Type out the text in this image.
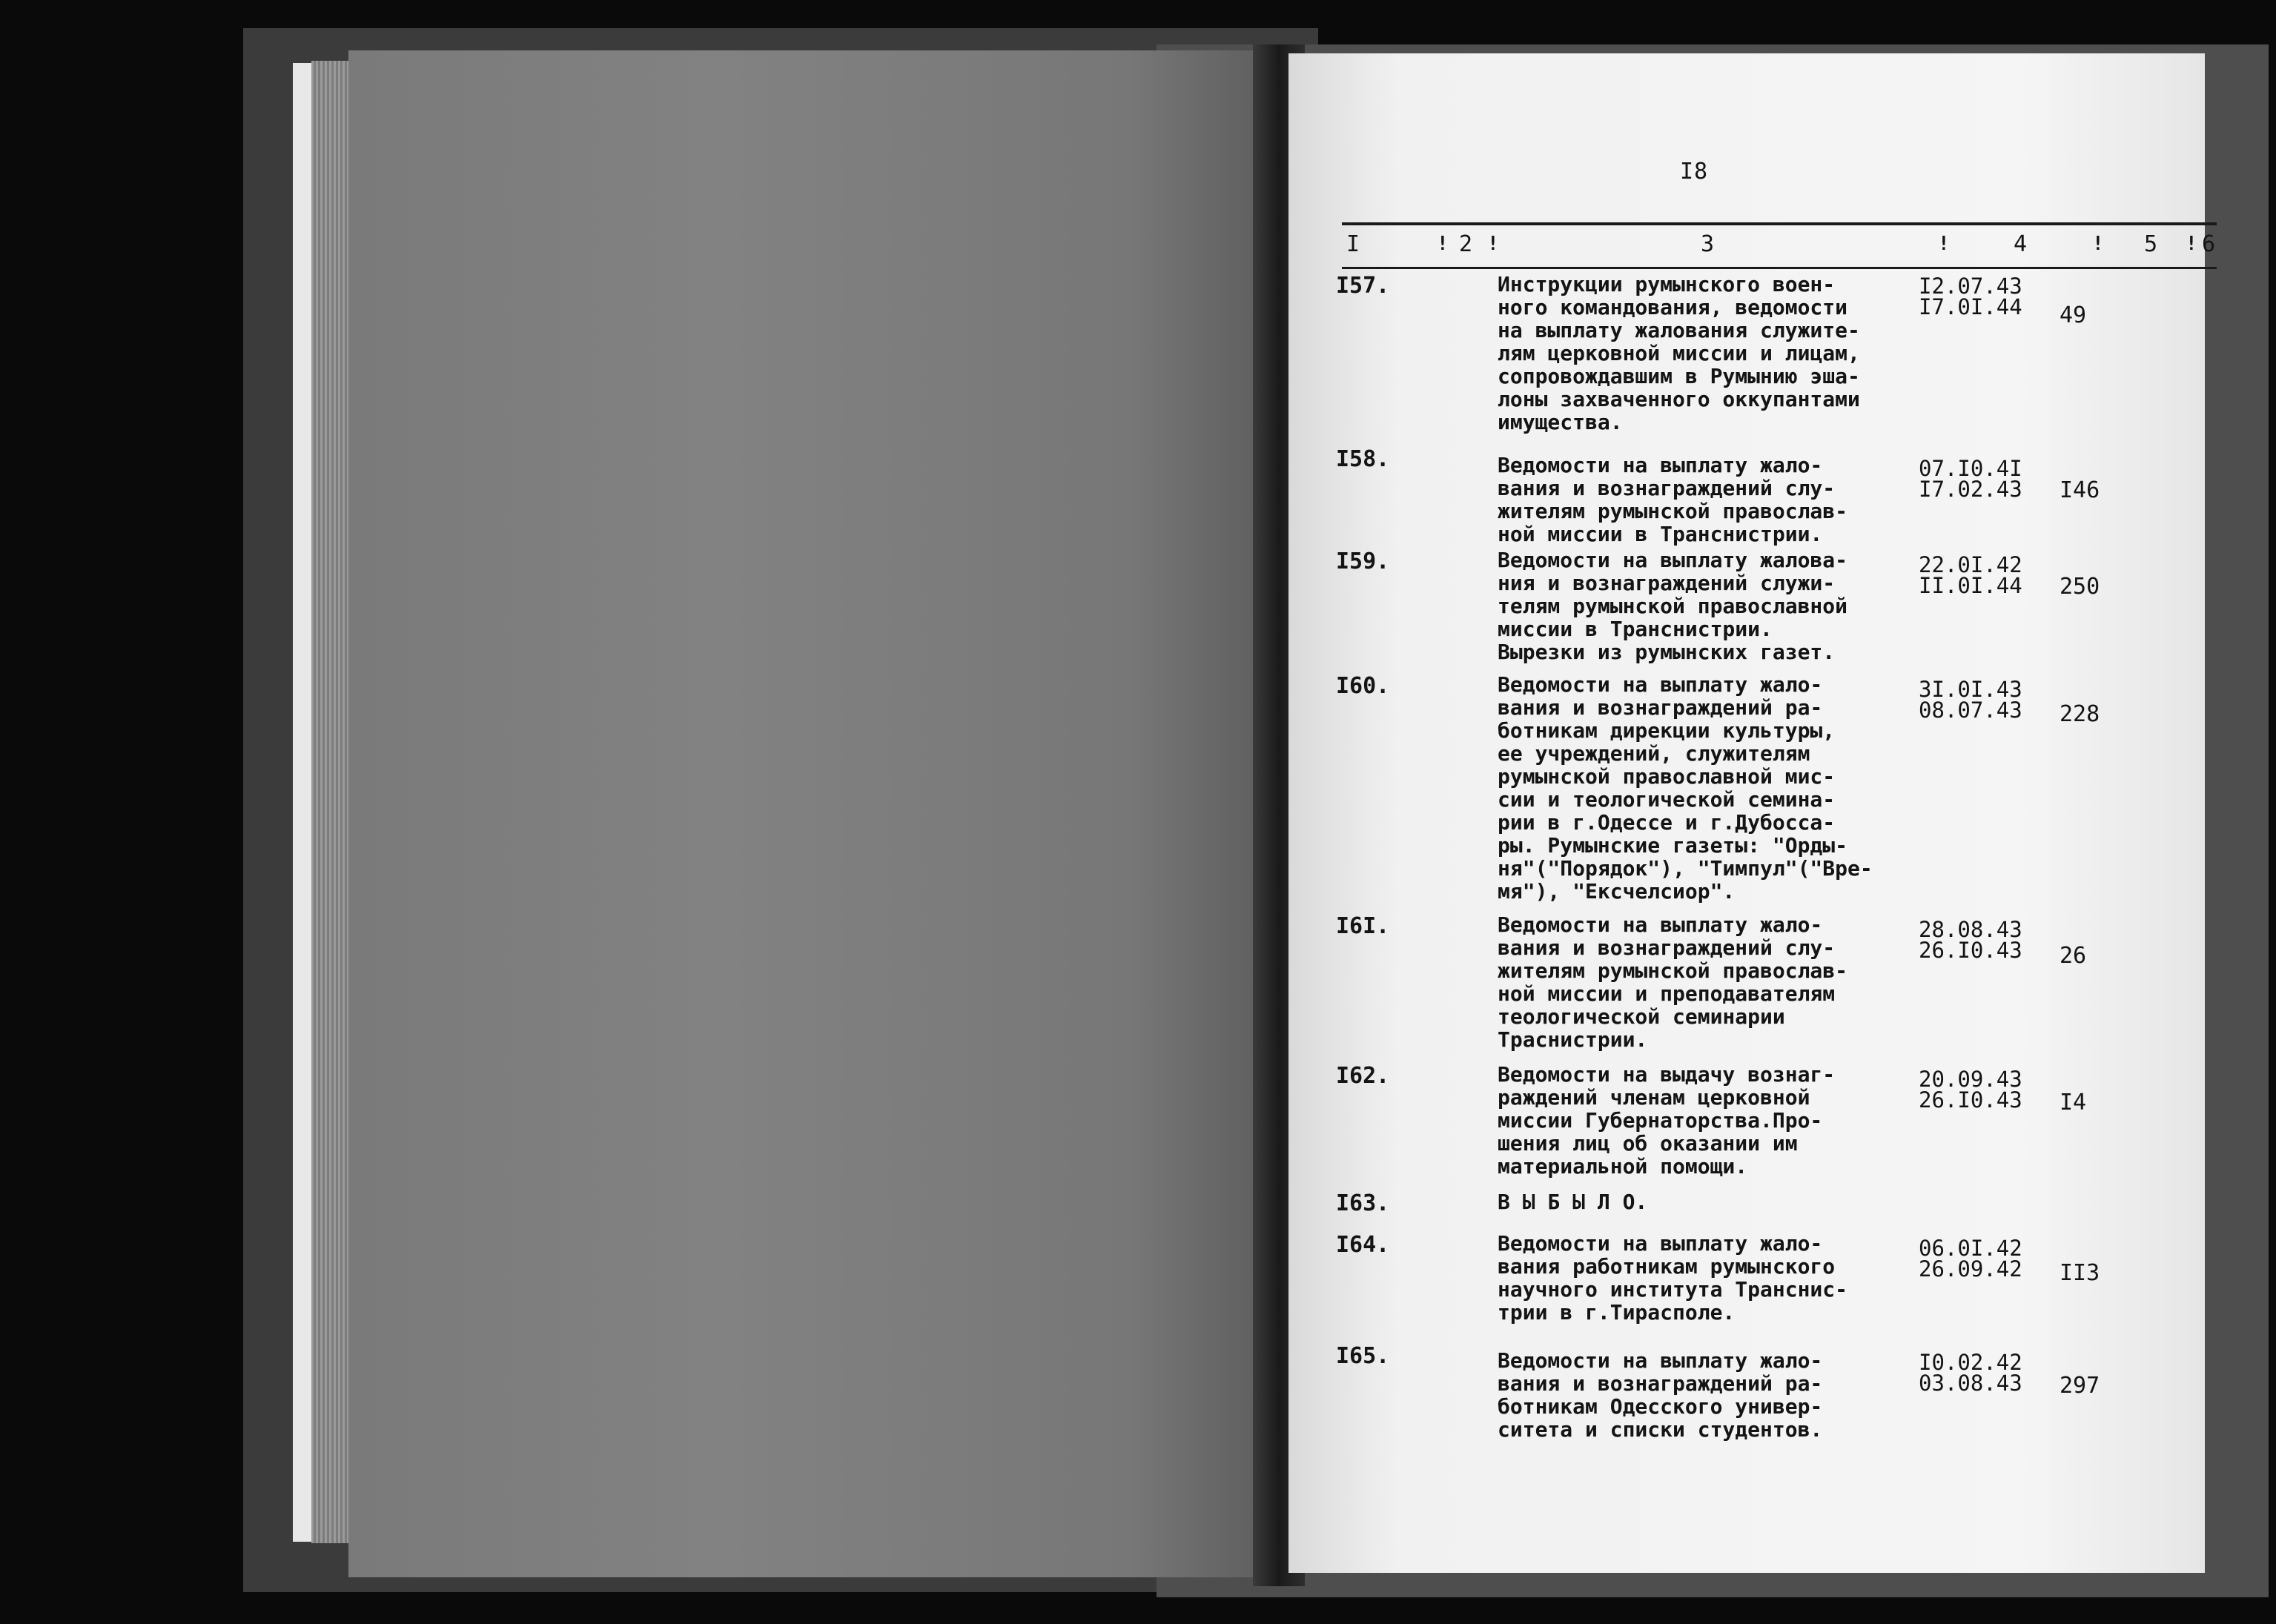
I8
I	! 2 !	3	!	4	! 5 ! 6
I57.	Инструкции румынского воен-
ного командования, ведомости
на выплату жалования служите-
лям церковной миссии и лицам,
сопровождавшим в Румынию эша-
лоны захваченного оккупантами
имущества.
I2.07.43
I7.0I.44	49
I58.	Ведомости на выплату жало-
вания и вознаграждений слу-
жителям румынской православ-
ной миссии в Транснистрии.
07.I0.4I
I7.02.43	I46
I59.	Ведомости на выплату жалова-
ния и вознаграждений служи-
телям румынской православной
миссии в Транснистрии.
Вырезки из румынских газет.
22.0I.42
II.0I.44	250
I60.	Ведомости на выплату жало-
вания и вознаграждений ра-
ботникам дирекции культуры,
ее учреждений, служителям
румынской православной мис-
сии и теологической семина-
рии в г.Одессе и г.Дубосса-
ры. Румынские газеты: "Орды-
ня"("Порядок"), "Тимпул"("Вре-
мя"), "Ексчелсиор".
3I.0I.43
08.07.43	228
I6I.	Ведомости на выплату жало-
вания и вознаграждений слу-
жителям румынской православ-
ной миссии и преподавателям
теологической семинарии
Траснистрии.
28.08.43
26.I0.43	26
I62.	Ведомости на выдачу вознаг-
раждений членам церковной
миссии Губернаторства.Про-
шения лиц об оказании им
материальной помощи.
20.09.43
26.I0.43	I4
I63.	В Ы Б Ы Л О.
I64.	Ведомости на выплату жало-
вания работникам румынского
научного института Транснис-
трии в г.Тирасполе.
06.0I.42
26.09.42	II3
I65.	Ведомости на выплату жало-
вания и вознаграждений ра-
ботникам Одесского универ-
ситета и списки студентов.
I0.02.42
03.08.43	297
